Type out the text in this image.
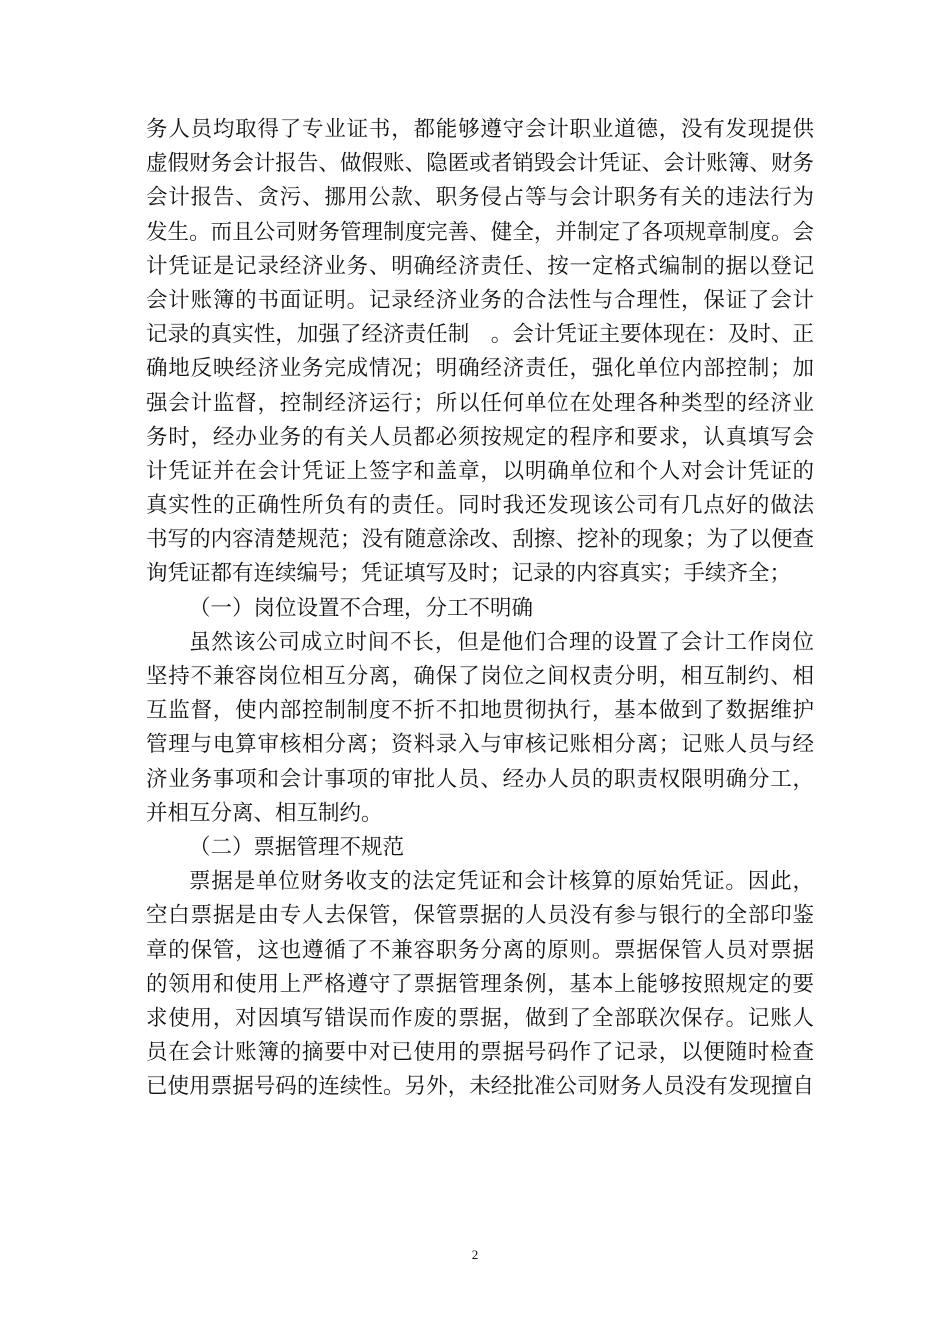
务人员均取得了专业证书，都能够遵守会计职业道德，没有发现提供
虚假财务会计报告、做假账、隐匿或者销毁会计凭证、会计账簿、财务
会计报告、贪污、挪用公款、职务侵占等与会计职务有关的违法行为
发生。而且公司财务管理制度完善、健全，并制定了各项规章制度。会
计凭证是记录经济业务、明确经济责任、按一定格式编制的据以登记
会计账簿的书面证明。记录经济业务的合法性与合理性，保证了会计
记录的真实性，加强了经济责任制　。会计凭证主要体现在：及时、正
确地反映经济业务完成情况；明确经济责任，强化单位内部控制；加
强会计监督，控制经济运行；所以任何单位在处理各种类型的经济业
务时，经办业务的有关人员都必须按规定的程序和要求，认真填写会
计凭证并在会计凭证上签字和盖章，以明确单位和个人对会计凭证的
真实性的正确性所负有的责任。同时我还发现该公司有几点好的做法
书写的内容清楚规范；没有随意涂改、刮擦、挖补的现象；为了以便查
询凭证都有连续编号；凭证填写及时；记录的内容真实；手续齐全；
（一）岗位设置不合理，分工不明确
虽然该公司成立时间不长，但是他们合理的设置了会计工作岗位
坚持不兼容岗位相互分离，确保了岗位之间权责分明，相互制约、相
互监督，使内部控制制度不折不扣地贯彻执行，基本做到了数据维护
管理与电算审核相分离；资料录入与审核记账相分离；记账人员与经
济业务事项和会计事项的审批人员、经办人员的职责权限明确分工，
并相互分离、相互制约。
（二）票据管理不规范
票据是单位财务收支的法定凭证和会计核算的原始凭证。因此，
空白票据是由专人去保管，保管票据的人员没有参与银行的全部印鉴
章的保管，这也遵循了不兼容职务分离的原则。票据保管人员对票据
的领用和使用上严格遵守了票据管理条例，基本上能够按照规定的要
求使用，对因填写错误而作废的票据，做到了全部联次保存。记账人
员在会计账簿的摘要中对已使用的票据号码作了记录，以便随时检查
已使用票据号码的连续性。另外，未经批准公司财务人员没有发现擅自
2
